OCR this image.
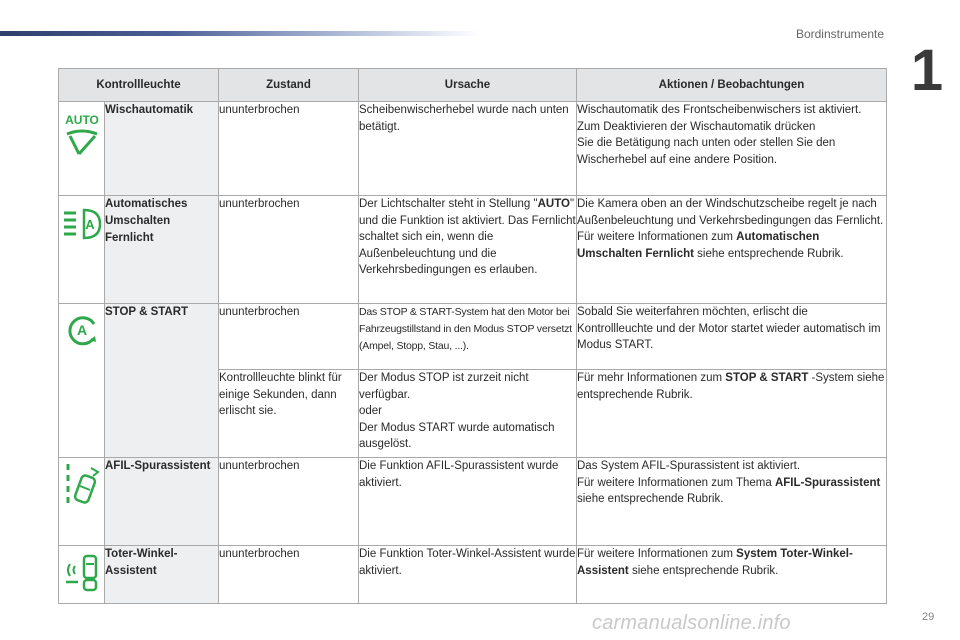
Bordinstrumente
1
Kontrollleuchte		Zustand	Ursache	Aktionen / Beobachtungen

AUTO	Wischautomatik	ununterbrochen	Scheibenwischerhebel wurde nach unten betätigt.	Wischautomatik des Frontscheibenwischers ist aktiviert.
Zum Deaktivieren der Wischautomatik drücken
Sie die Betätigung nach unten oder stellen Sie den Wischerhebel auf eine andere Position.

A	Automatisches Umschalten Fernlicht	ununterbrochen	Der Lichtschalter steht in Stellung "AUTO" und die Funktion ist aktiviert. Das Fernlicht schaltet sich ein, wenn die Außenbeleuchtung und die Verkehrsbedingungen es erlauben.	Die Kamera oben an der Windschutzscheibe regelt je nach Außenbeleuchtung und Verkehrsbedingungen das Fernlicht.
Für weitere Informationen zum Automatischen Umschalten Fernlicht siehe entsprechende Rubrik.

A	STOP & START	ununterbrochen	Das STOP & START-System hat den Motor bei Fahrzeugstillstand in den Modus STOP versetzt (Ampel, Stopp, Stau, ...).	Sobald Sie weiterfahren möchten, erlischt die Kontrollleuchte und der Motor startet wieder automatisch im Modus START.
		Kontrollleuchte blinkt für einige Sekunden, dann erlischt sie.	Der Modus STOP ist zurzeit nicht verfügbar.
oder
Der Modus START wurde automatisch ausgelöst.	Für mehr Informationen zum STOP & START -System siehe entsprechende Rubrik.

	AFIL-Spurassistent	ununterbrochen	Die Funktion AFIL-Spurassistent wurde aktiviert.	Das System AFIL-Spurassistent ist aktiviert.
Für weitere Informationen zum Thema AFIL-Spurassistent siehe entsprechende Rubrik.

	Toter-Winkel-Assistent	ununterbrochen	Die Funktion Toter-Winkel-Assistent wurde aktiviert.	Für weitere Informationen zum System Toter-Winkel-Assistent siehe entsprechende Rubrik.
carmanualsonline.info	29
